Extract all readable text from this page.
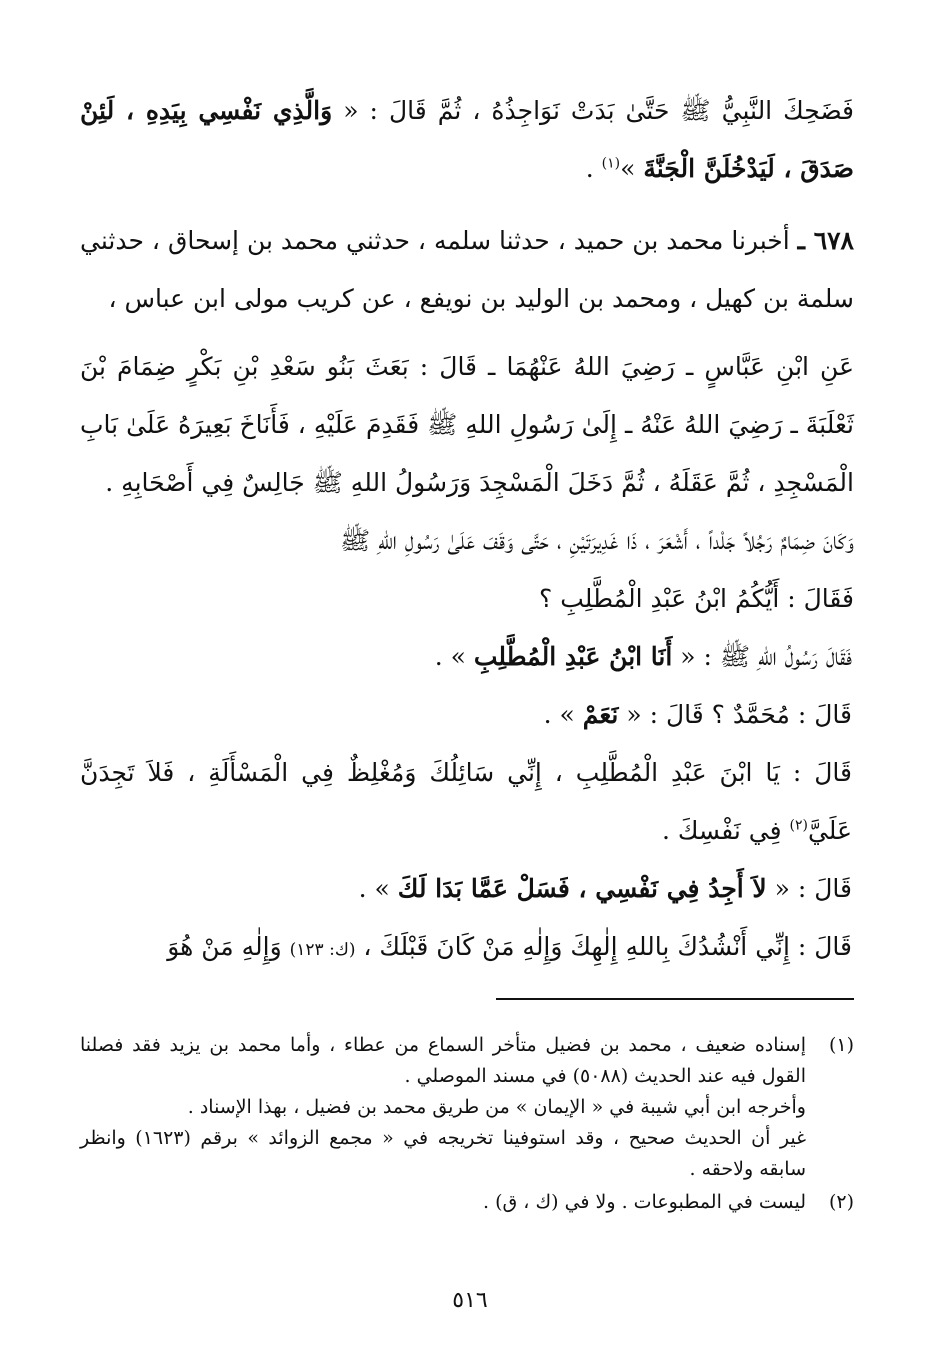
فَضَحِكَ النَّبِيُّ ﷺ حَتَّىٰ بَدَتْ نَوَاجِذُهُ ، ثُمَّ قَالَ : « وَالَّذِي نَفْسِي بِيَدِهِ ، لَئِنْ صَدَقَ ، لَيَدْخُلَنَّ الْجَنَّةَ »$^{(١)}$ .

٦٧٨ ـ أخبرنا محمد بن حميد ، حدثنا سلمه ، حدثني محمد بن إسحاق ، حدثني سلمة بن كهيل ، ومحمد بن الوليد بن نويفع ، عن كريب مولى ابن عباس ،

عَنِ ابْنِ عَبَّاسٍ ـ رَضِيَ اللهُ عَنْهُمَا ـ قَالَ : بَعَثَ بَنُو سَعْدِ بْنِ بَكْرٍ ضِمَامَ بْنَ ثَعْلَبَةَ ـ رَضِيَ اللهُ عَنْهُ ـ إِلَىٰ رَسُولِ اللهِ ﷺ فَقَدِمَ عَلَيْهِ ، فَأَنَاخَ بَعِيرَهُ عَلَىٰ بَابِ الْمَسْجِدِ ، ثُمَّ عَقَلَهُ ، ثُمَّ دَخَلَ الْمَسْجِدَ وَرَسُولُ اللهِ ﷺ جَالِسٌ فِي أَصْحَابِهِ .

وَكَانَ ضِمَامٌ رَجُلاً جَلْداً ، أَشْعَرَ ، ذَا غَدِيرَتَيْنِ ، حَتَّى وَقَفَ عَلَىٰ رَسُولِ اللهِ ﷺ

فَقَالَ : أَيُّكُمُ ابْنُ عَبْدِ الْمُطَّلِبِ ؟

فَقَالَ رَسُولُ اللهِ ﷺ : « أَنَا ابْنُ عَبْدِ الْمُطَّلِبِ » .

قَالَ : مُحَمَّدٌ ؟ قَالَ : « نَعَمْ » .

قَالَ : يَا ابْنَ عَبْدِ الْمُطَّلِبِ ، إِنِّي سَائِلُكَ وَمُغْلِظٌ فِي الْمَسْأَلَةِ ، فَلاَ تَجِدَنَّ عَلَيَّ$^{(٢)}$ فِي نَفْسِكَ .

قَالَ : « لاَ أَجِدُ فِي نَفْسِي ، فَسَلْ عَمَّا بَدَا لَكَ » .

قَالَ : إِنِّي أَنْشُدُكَ بِاللهِ إِلٰهِكَ وَإِلٰهِ مَنْ كَانَ قَبْلَكَ ، (ك: ١٢٣) وَإِلٰهِ مَنْ هُوَ

(١)

إسناده ضعيف ، محمد بن فضيل متأخر السماع من عطاء ، وأما محمد بن يزيد فقد فصلنا القول فيه عند الحديث (٥٠٨٨) في مسند الموصلي .

وأخرجه ابن أبي شيبة في « الإيمان » من طريق محمد بن فضيل ، بهذا الإسناد .

غير أن الحديث صحيح ، وقد استوفينا تخريجه في « مجمع الزوائد » برقم (١٦٢٣) وانظر سابقه ولاحقه .

(٢)

ليست في المطبوعات . ولا في (ك ، ق) .

٥١٦
